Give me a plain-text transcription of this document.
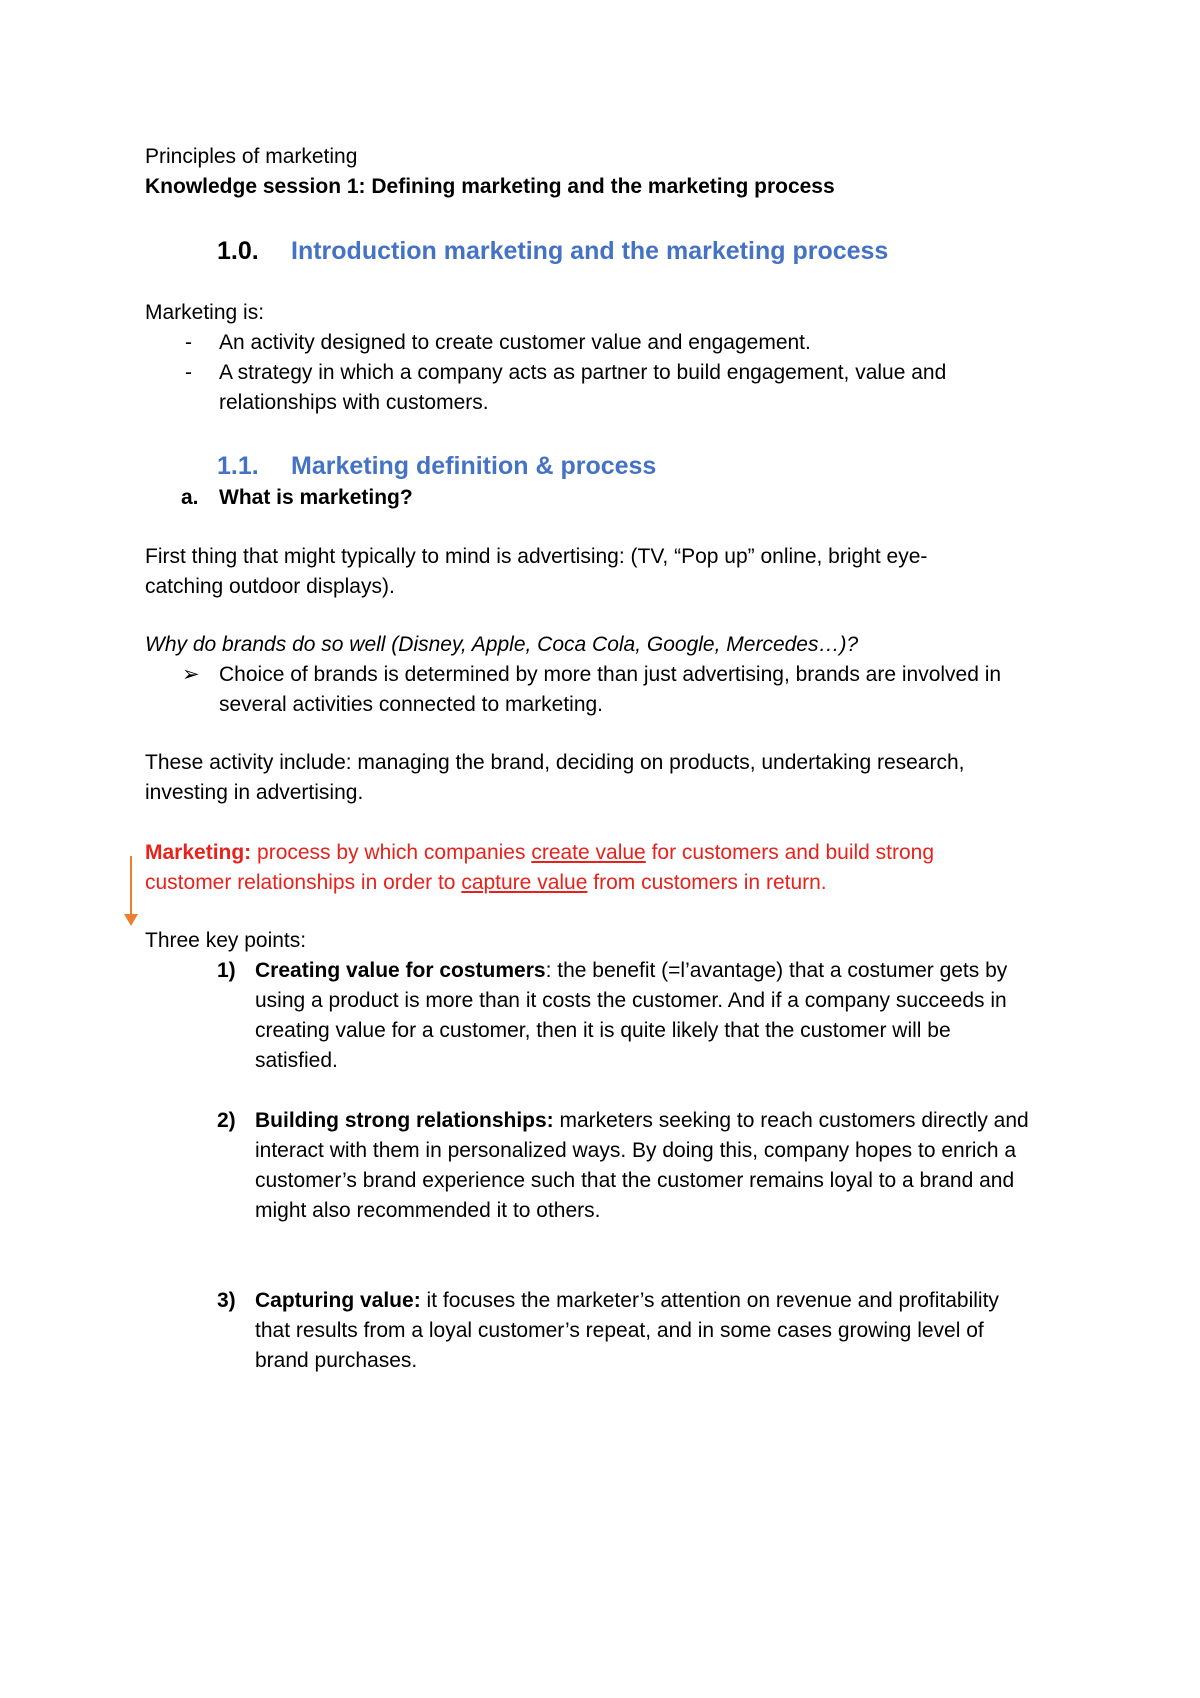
Principles of marketing
Knowledge session 1: Defining marketing and the marketing process
1.0. Introduction marketing and the marketing process
Marketing is:
- An activity designed to create customer value and engagement.
- A strategy in which a company acts as partner to build engagement, value and
relationships with customers.
1.1. Marketing definition & process
a. What is marketing?
First thing that might typically to mind is advertising: (TV, “Pop up” online, bright eye-
catching outdoor displays).
Why do brands do so well (Disney, Apple, Coca Cola, Google, Mercedes…)?
➢ Choice of brands is determined by more than just advertising, brands are involved in
several activities connected to marketing.
These activity include: managing the brand, deciding on products, undertaking research,
investing in advertising.
Marketing: process by which companies create value for customers and build strong
customer relationships in order to capture value from customers in return.
Three key points:
1) Creating value for costumers: the benefit (=l’avantage) that a costumer gets by
using a product is more than it costs the customer. And if a company succeeds in
creating value for a customer, then it is quite likely that the customer will be
satisfied.
2) Building strong relationships: marketers seeking to reach customers directly and
interact with them in personalized ways. By doing this, company hopes to enrich a
customer’s brand experience such that the customer remains loyal to a brand and
might also recommended it to others.
3) Capturing value: it focuses the marketer’s attention on revenue and profitability
that results from a loyal customer’s repeat, and in some cases growing level of
brand purchases.
